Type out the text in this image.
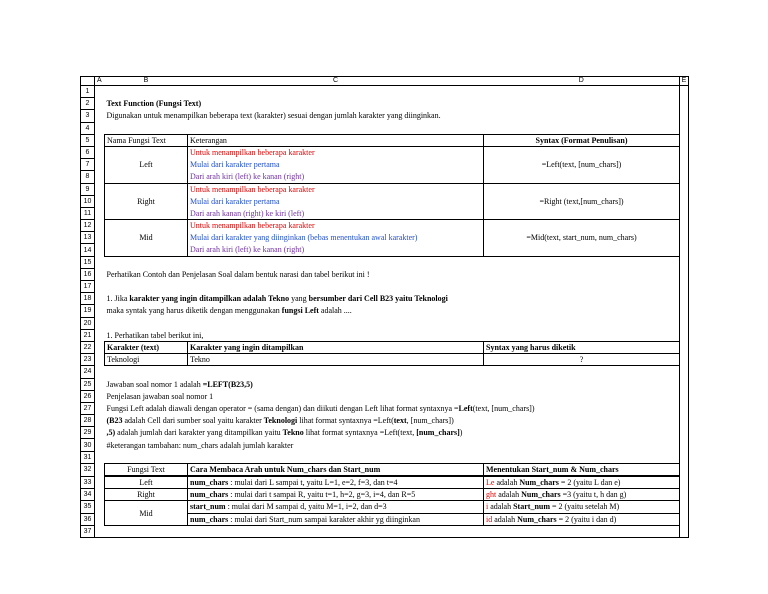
	A	B	C	D	E
1					
2		Text Function (Fungsi Text)			
3		Digunakan untuk menampilkan beberapa text (karakter) sesuai dengan jumlah karakter yang diinginkan.			
4					
5		Nama Fungsi Text	Keterangan	Syntax (Format Penulisan)	
6		Left	Untuk menampilkan beberapa karakter	=Left(text, [num_chars])	
7			Mulai dari karakter pertama		
8			Dari arah kiri (left) ke kanan (right)		
9		Right	Untuk menampilkan beberapa karakter	=Right (text,[num_chars])	
10			Mulai dari karakter pertama		
11			Dari arah kanan (right) ke kiri (left)		
12		Mid	Untuk menampilkan beberapa karakter	=Mid(text, start_num, num_chars)	
13			Mulai dari karakter yang diinginkan (bebas menentukan awal karakter)		
14			Dari arah kiri (left) ke kanan (right)		
15					
16		Perhatikan Contoh dan Penjelasan Soal dalam bentuk narasi dan tabel berikut ini !			
17					
18		1. Jika karakter yang ingin ditampilkan adalah Tekno yang bersumber dari Cell B23 yaitu Teknologi			
19		maka syntak yang harus diketik dengan menggunakan fungsi Left adalah ....			
20					
21		1. Perhatikan tabel berikut ini,			
22		Karakter (text)	Karakter yang ingin ditampilkan	Syntax yang harus diketik	
23		Teknologi	Tekno	?	
24					
25		Jawaban soal nomor 1 adalah =LEFT(B23,5)			
26		Penjelasan jawaban soal nomor 1			
27		Fungsi Left adalah diawali dengan operator = (sama dengan) dan diikuti dengan Left lihat format syntaxnya =Left(text, [num_chars])			
28		(B23 adalah Cell dari sumber soal yaitu karakter Teknologi lihat format syntaxnya =Left(text, [num_chars])			
29		,5) adalah jumlah dari karakter yang ditampilkan yaitu Tekno lihat format syntaxnya =Left(text, [num_chars])			
30		#keterangan tambahan: num_chars adalah jumlah karakter			
31					
32		Fungsi Text	Cara Membaca Arah untuk Num_chars dan Start_num	Menentukan Start_num & Num_chars	
33		Left	num_chars : mulai dari L sampai t, yaitu L=1, e=2, f=3, dan t=4	Le adalah Num_chars = 2 (yaitu L dan e)	
34		Right	num_chars : mulai dari t sampai R, yaitu t=1, h=2, g=3, i=4, dan R=5	ght adalah Num_chars =3 (yaitu t, h dan g)	
35		Mid	start_num : mulai dari M sampai d, yaitu M=1, i=2, dan d=3	i adalah Start_num = 2 (yaitu setelah M)	
36			num_chars : mulai dari Start_num sampai karakter akhir yg diinginkan	id adalah Num_chars = 2 (yaitu i dan d)	
37					
